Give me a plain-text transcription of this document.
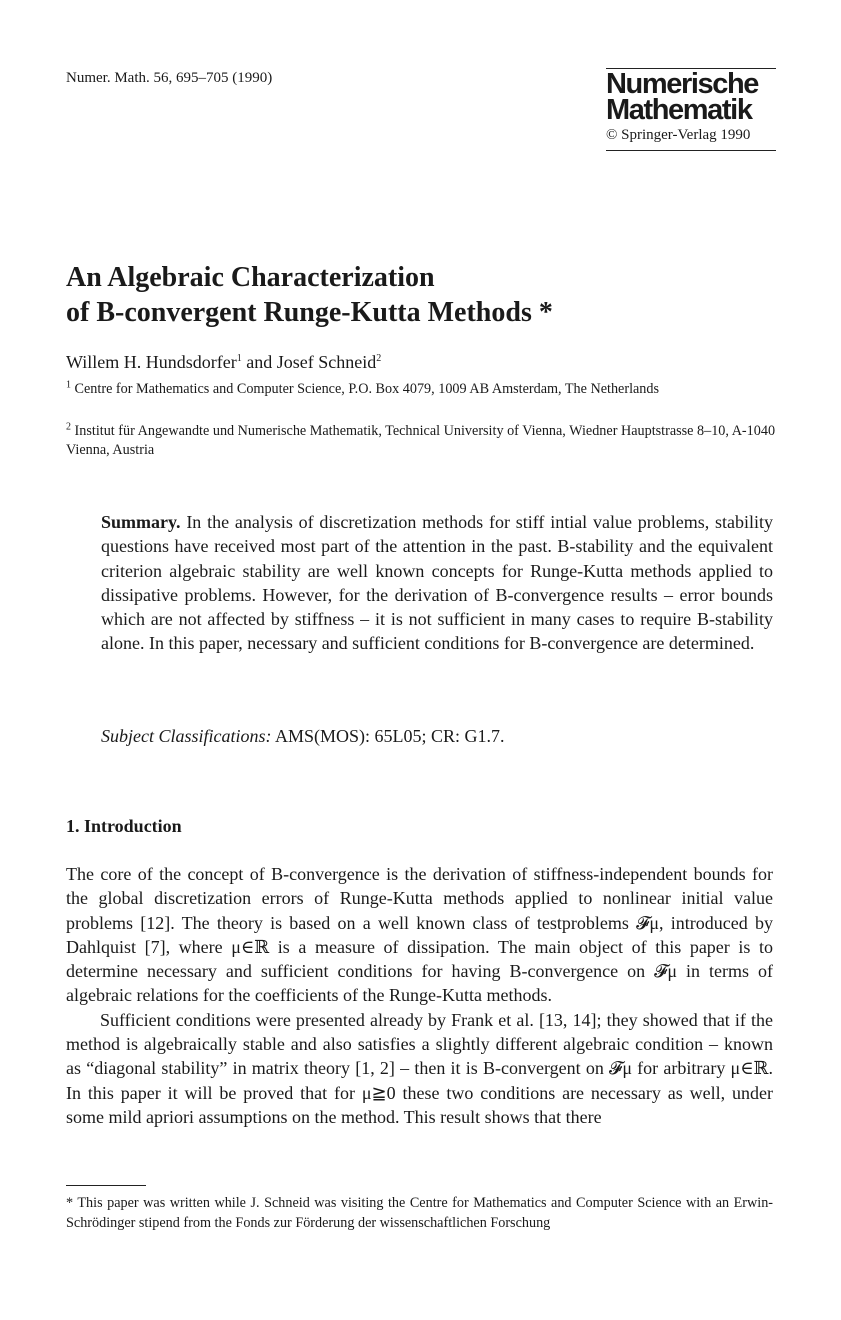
Numer. Math. 56, 695–705 (1990)	Numerische
Mathematik
© Springer-Verlag 1990
An Algebraic Characterization
of B-convergent Runge-Kutta Methods *
Willem H. Hundsdorfer$^1$ and Josef Schneid$^2$
$^1$ Centre for Mathematics and Computer Science, P.O. Box 4079, 1009 AB Amsterdam, The Netherlands
$^2$ Institut für Angewandte und Numerische Mathematik, Technical University of Vienna, Wiedner Hauptstrasse 8–10, A-1040 Vienna, Austria
Summary. In the analysis of discretization methods for stiff intial value problems, stability questions have received most part of the attention in the past. B-stability and the equivalent criterion algebraic stability are well known concepts for Runge-Kutta methods applied to dissipative problems. However, for the derivation of B-convergence results – error bounds which are not affected by stiffness – it is not sufficient in many cases to require B-stability alone. In this paper, necessary and sufficient conditions for B-convergence are determined.
Subject Classifications: AMS(MOS): 65L05; CR: G1.7.
1. Introduction

The core of the concept of B-convergence is the derivation of stiffness-independent bounds for the global discretization errors of Runge-Kutta methods applied to nonlinear initial value problems [12]. The theory is based on a well known class of testproblems 𝓕μ, introduced by Dahlquist [7], where μ∈ℝ is a measure of dissipation. The main object of this paper is to determine necessary and sufficient conditions for having B-convergence on 𝓕μ in terms of algebraic relations for the coefficients of the Runge-Kutta methods.

Sufficient conditions were presented already by Frank et al. [13, 14]; they showed that if the method is algebraically stable and also satisfies a slightly different algebraic condition – known as “diagonal stability” in matrix theory [1, 2] – then it is B-convergent on 𝓕μ for arbitrary μ∈ℝ. In this paper it will be proved that for μ≧0 these two conditions are necessary as well, under some mild apriori assumptions on the method. This result shows that there

* This paper was written while J. Schneid was visiting the Centre for Mathematics and Computer Science with an Erwin-Schrödinger stipend from the Fonds zur Förderung der wissenschaftlichen Forschung
